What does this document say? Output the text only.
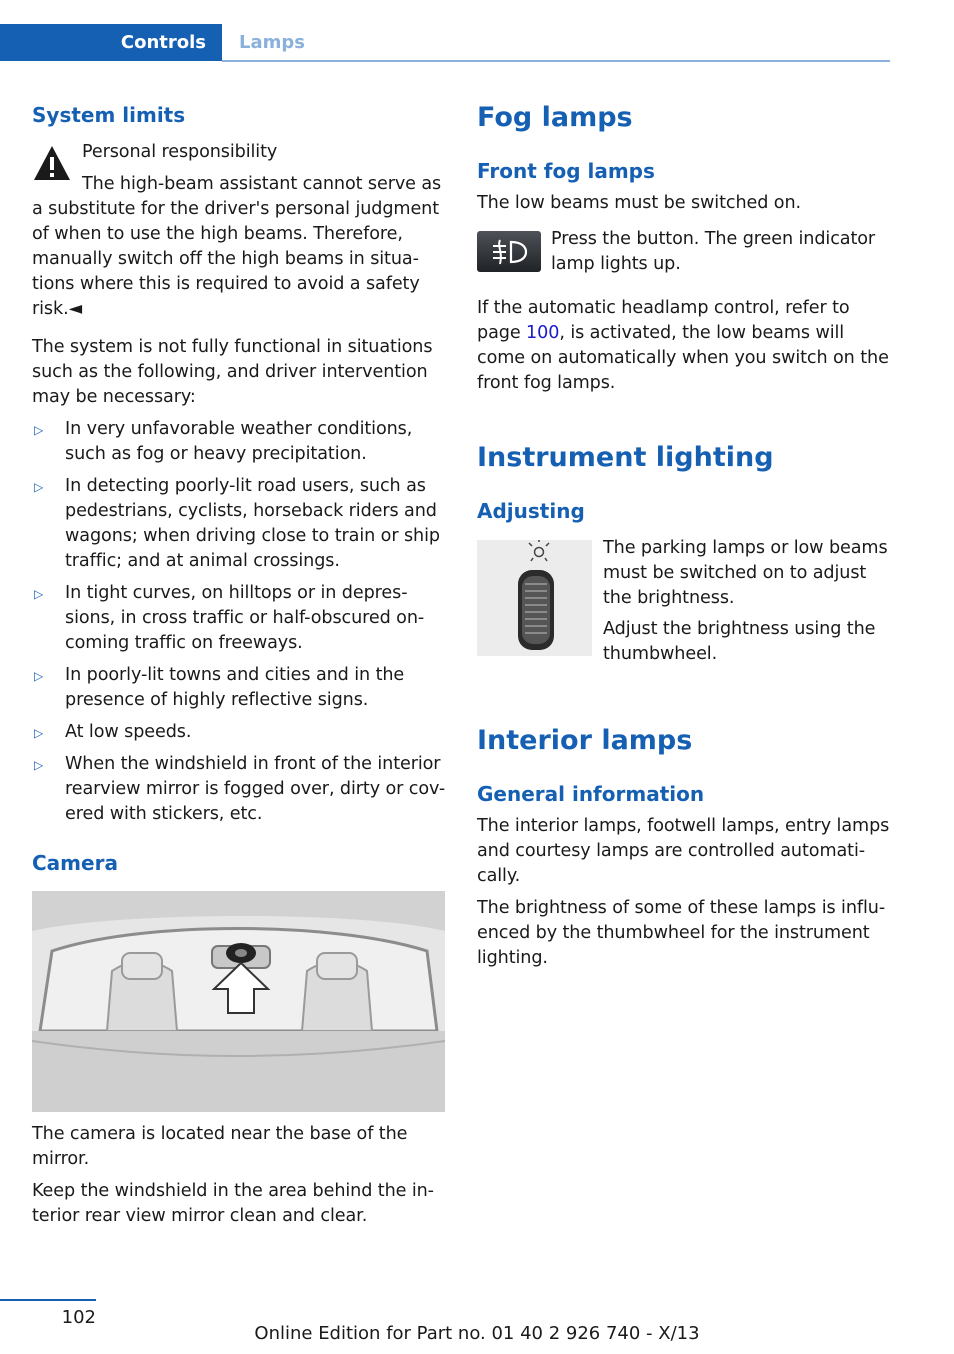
Controls	Lamps
System limits

Personal responsibility

The high-beam assistant cannot serve as

a substitute for the driver's personal judgment of when to use the high beams. Therefore, manually switch off the high beams in situa-tions where this is required to avoid a safety risk.◄

The system is not fully functional in situations such as the following, and driver intervention may be necessary:

▷ In very unfavorable weather conditions, such as fog or heavy precipitation.
▷ In detecting poorly-lit road users, such as pedestrians, cyclists, horseback riders and wagons; when driving close to train or ship traffic; and at animal crossings.
▷ In tight curves, on hilltops or in depres-sions, in cross traffic or half-obscured on-coming traffic on freeways.
▷ In poorly-lit towns and cities and in the presence of highly reflective signs.
▷ At low speeds.
▷ When the windshield in front of the interior rearview mirror is fogged over, dirty or cov-ered with stickers, etc.
Camera

The camera is located near the base of the mirror.

Keep the windshield in the area behind the in-terior rear view mirror clean and clear.

Fog lamps
Front fog lamps

The low beams must be switched on.

Press the button. The green indicator lamp lights up.

If the automatic headlamp control, refer to page 100, is activated, the low beams will come on automatically when you switch on the front fog lamps.

Instrument lighting
Adjusting

The parking lamps or low beams must be switched on to adjust the brightness.

Adjust the brightness using the thumbwheel.

Interior lamps
General information

The interior lamps, footwell lamps, entry lamps and courtesy lamps are controlled automati-cally.

The brightness of some of these lamps is influ-enced by the thumbwheel for the instrument lighting.

102
Online Edition for Part no. 01 40 2 926 740 - X/13
